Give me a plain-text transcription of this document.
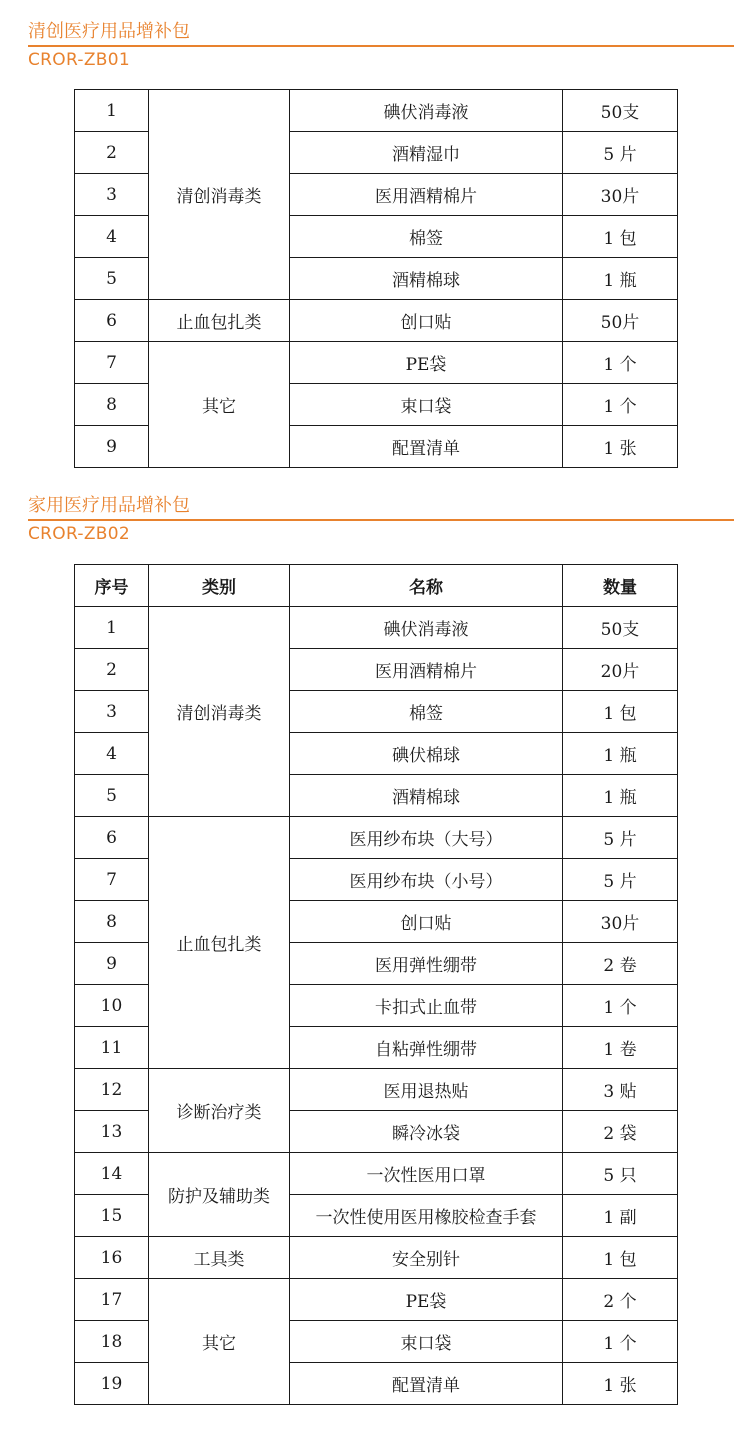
清创医疗用品增补包
CROR-ZB01
1	清创消毒类	碘伏消毒液	50支
2		酒精湿巾	5 片
3		医用酒精棉片	30片
4		棉签	1 包
5		酒精棉球	1 瓶
6	止血包扎类	创口贴	50片
7	其它	PE袋	1 个
8		束口袋	1 个
9		配置清单	1 张
家用医疗用品增补包
CROR-ZB02
序号	类别	名称	数量
1	清创消毒类	碘伏消毒液	50支
2		医用酒精棉片	20片
3		棉签	1 包
4		碘伏棉球	1 瓶
5		酒精棉球	1 瓶
6	止血包扎类	医用纱布块（大号）	5 片
7		医用纱布块（小号）	5 片
8		创口贴	30片
9		医用弹性绷带	2 卷
10		卡扣式止血带	1 个
11		自粘弹性绷带	1 卷
12	诊断治疗类	医用退热贴	3 贴
13		瞬冷冰袋	2 袋
14	防护及辅助类	一次性医用口罩	5 只
15		一次性使用医用橡胶检查手套	1 副
16	工具类	安全别针	1 包
17	其它	PE袋	2 个
18		束口袋	1 个
19		配置清单	1 张
